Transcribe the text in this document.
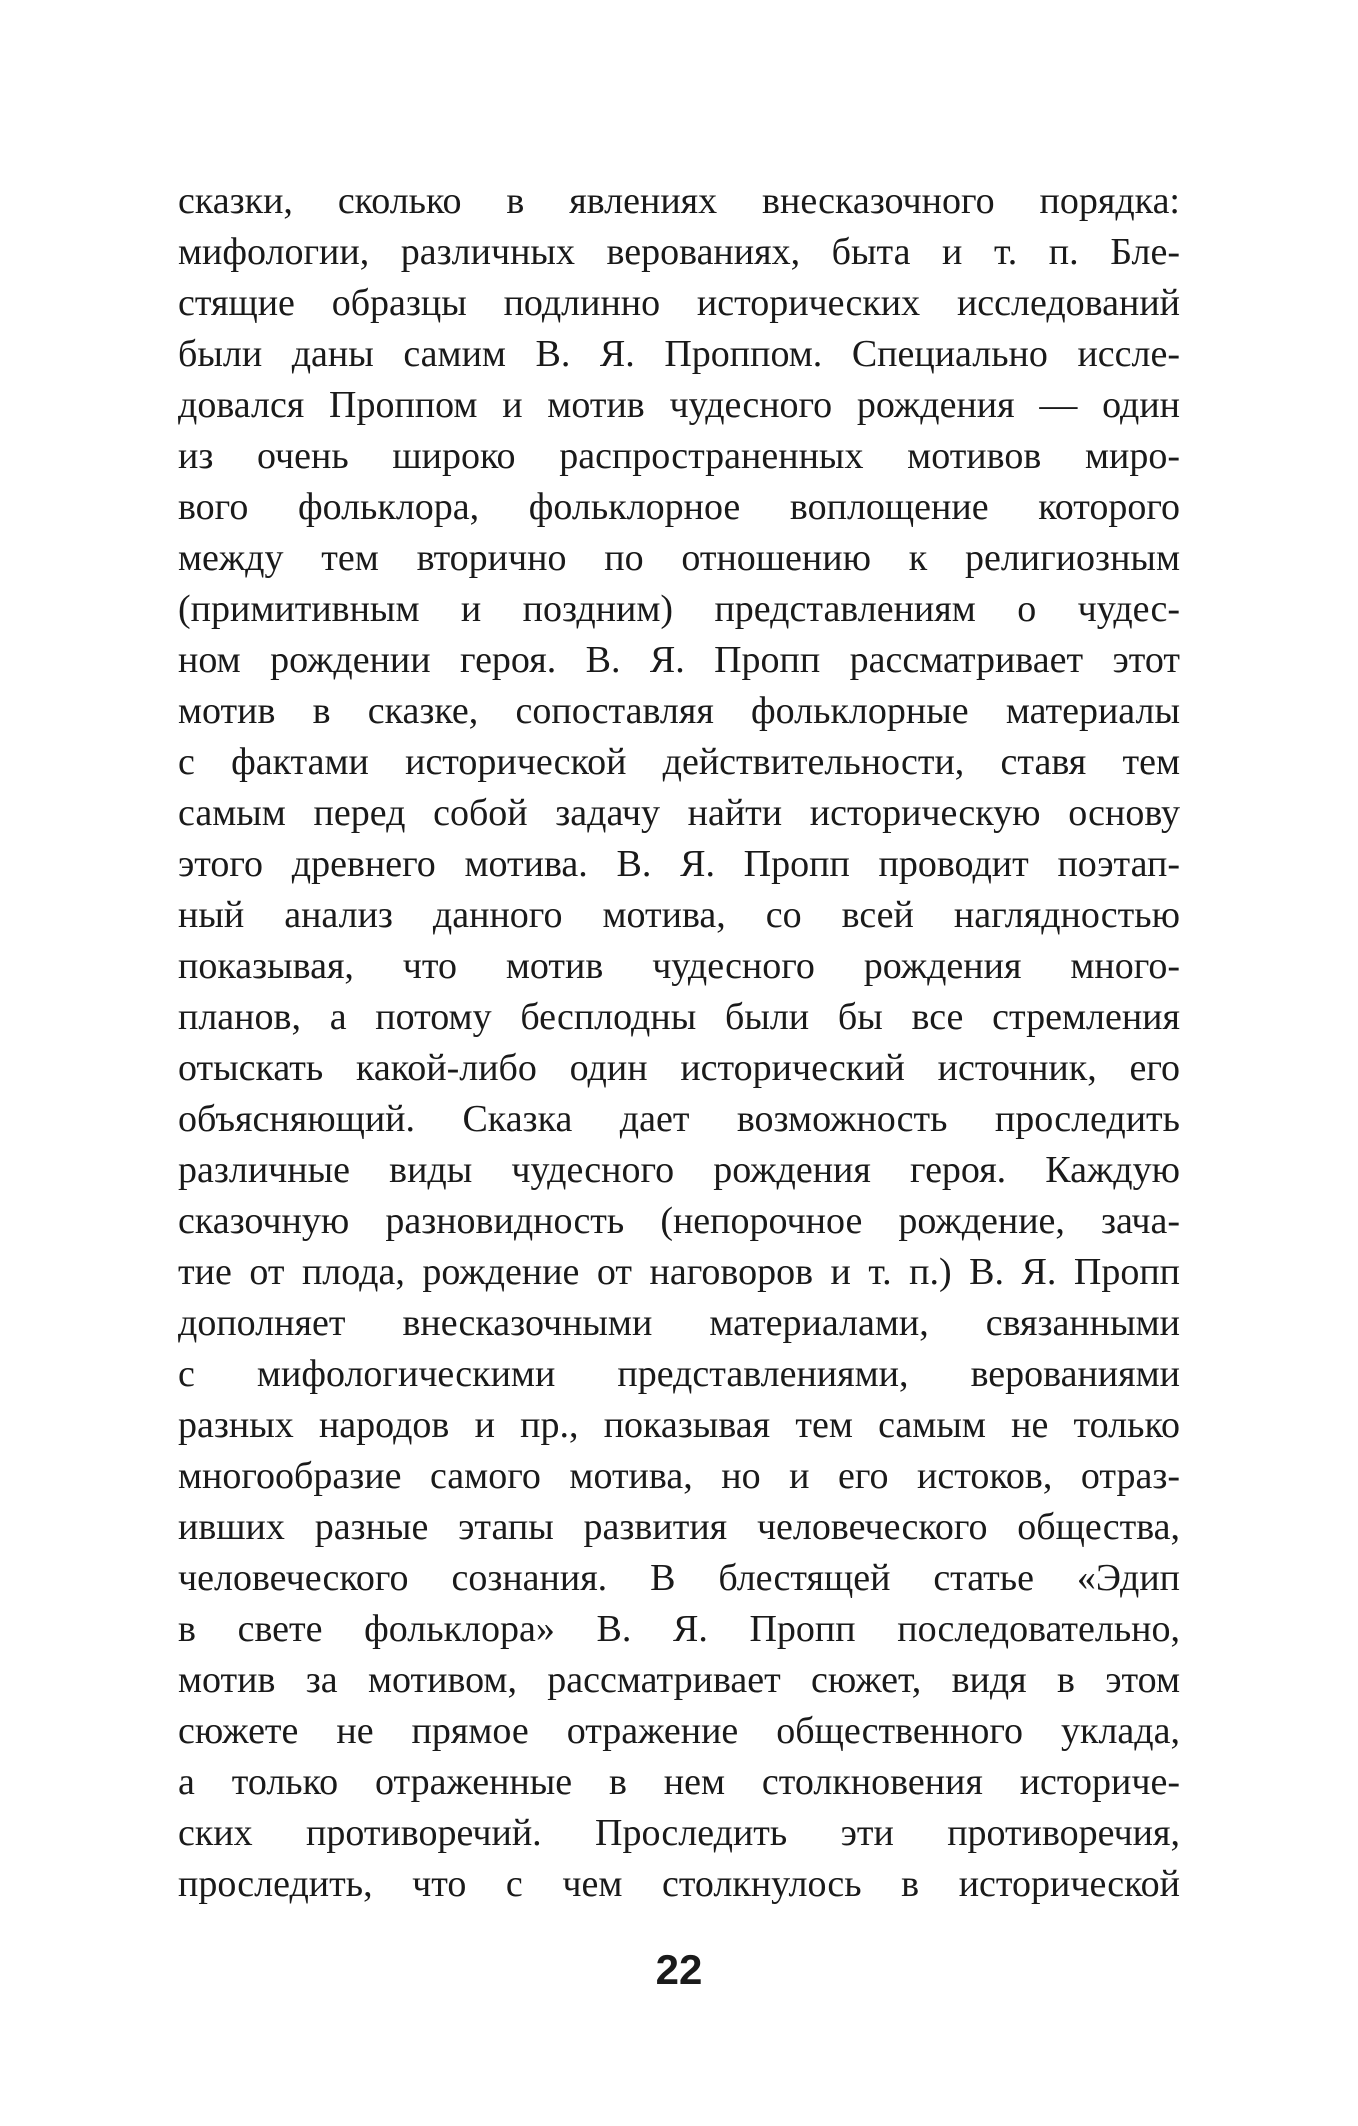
сказки, сколько в явлениях внесказочного порядка:
мифологии, различных верованиях, быта и т. п. Бле-
стящие образцы подлинно исторических исследований
были даны самим В. Я. Проппом. Специально иссле-
довался Проппом и мотив чудесного рождения — один
из очень широко распространенных мотивов миро-
вого фольклора, фольклорное воплощение которого
между тем вторично по отношению к религиозным
(примитивным и поздним) представлениям о чудес-
ном рождении героя. В. Я. Пропп рассматривает этот
мотив в сказке, сопоставляя фольклорные материалы
с фактами исторической действительности, ставя тем
самым перед собой задачу найти историческую основу
этого древнего мотива. В. Я. Пропп проводит поэтап-
ный анализ данного мотива, со всей наглядностью
показывая, что мотив чудесного рождения много-
планов, а потому бесплодны были бы все стремления
отыскать какой-либо один исторический источник, его
объясняющий. Сказка дает возможность проследить
различные виды чудесного рождения героя. Каждую
сказочную разновидность (непорочное рождение, зача-
тие от плода, рождение от наговоров и т. п.) В. Я. Пропп
дополняет внесказочными материалами, связанными
с мифологическими представлениями, верованиями
разных народов и пр., показывая тем самым не только
многообразие самого мотива, но и его истоков, отраз-
ивших разные этапы развития человеческого общества,
человеческого сознания. В блестящей статье «Эдип
в свете фольклора» В. Я. Пропп последовательно,
мотив за мотивом, рассматривает сюжет, видя в этом
сюжете не прямое отражение общественного уклада,
а только отраженные в нем столкновения историче-
ских противоречий. Проследить эти противоречия,
проследить, что с чем столкнулось в исторической
22
